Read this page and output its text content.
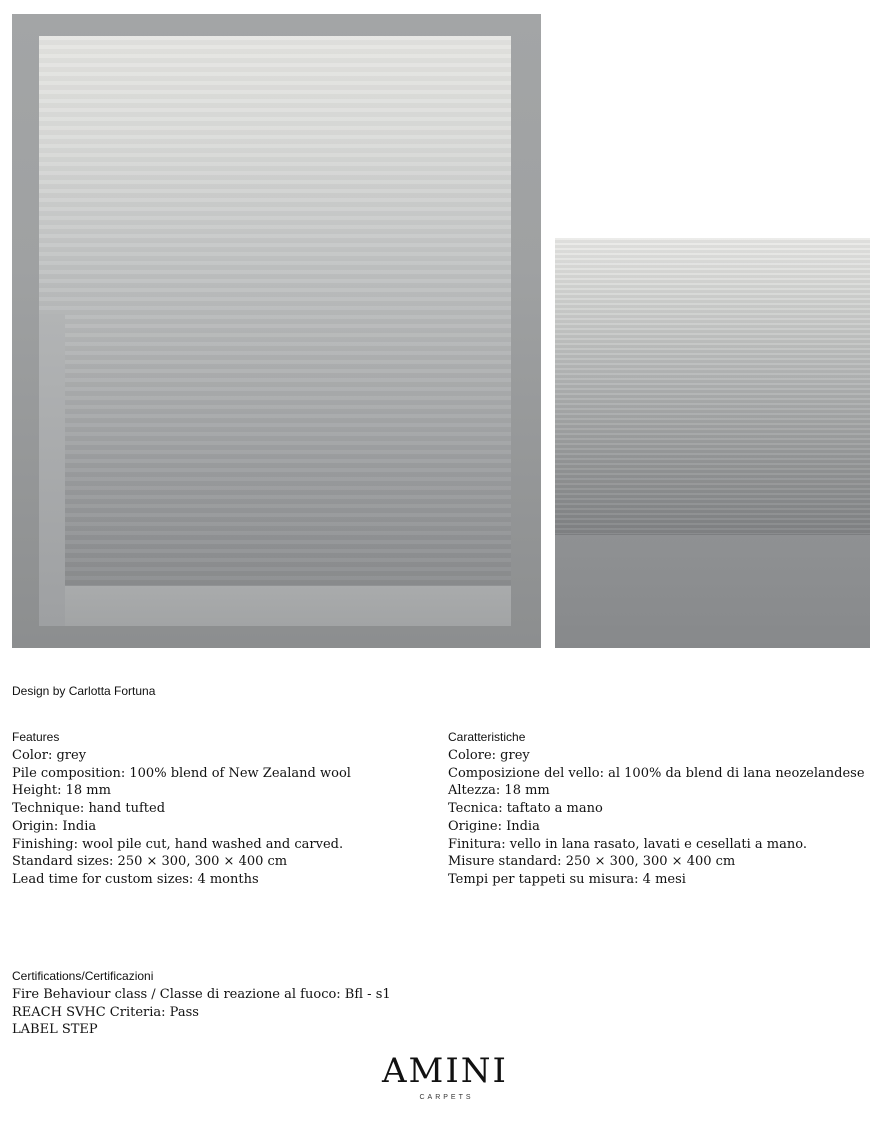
Design by Carlotta Fortuna
Features
Color: grey
Pile composition: 100% blend of New Zealand wool
Height: 18 mm
Technique: hand tufted
Origin: India
Finishing: wool pile cut, hand washed and carved.
Standard sizes: 250 × 300, 300 × 400 cm
Lead time for custom sizes: 4 months
Caratteristiche
Colore: grey
Composizione del vello: al 100% da blend di lana neozelandese
Altezza: 18 mm
Tecnica: taftato a mano
Origine: India
Finitura: vello in lana rasato, lavati e cesellati a mano.
Misure standard: 250 × 300, 300 × 400 cm
Tempi per tappeti su misura: 4 mesi
Certifications/Certificazioni
Fire Behaviour class / Classe di reazione al fuoco: Bfl - s1
REACH SVHC Criteria: Pass
LABEL STEP
AMINI
CARPETS
